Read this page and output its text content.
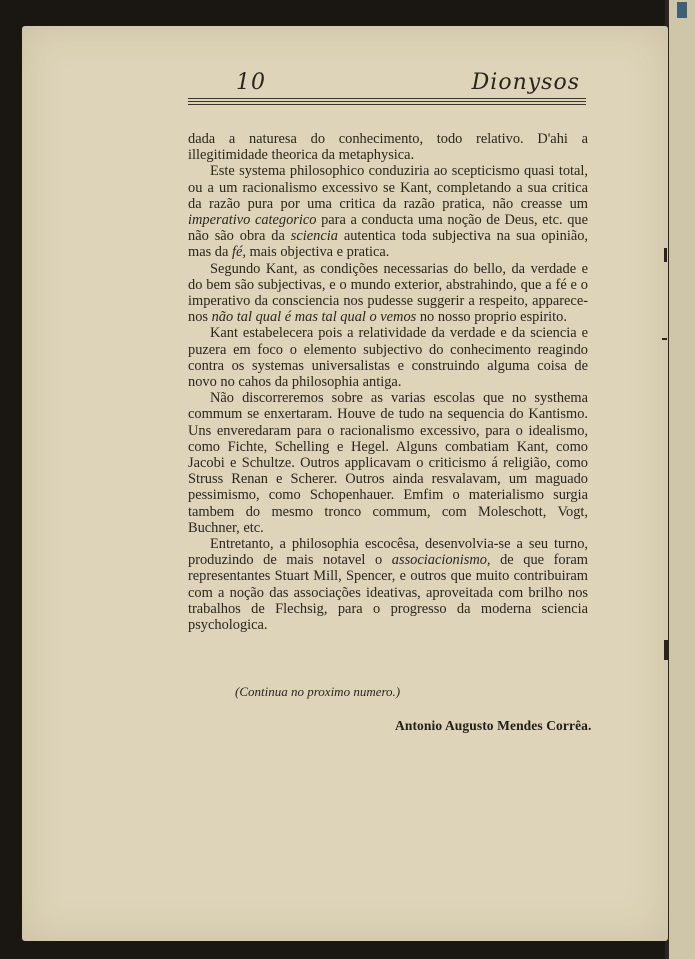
10	Dionysos

dada a naturesa do conhecimento, todo relativo. D'ahi a illegitimidade theorica da metaphysica.

Este systema philosophico conduziria ao scepticismo quasi total, ou a um racionalismo excessivo se Kant, completando a sua critica da razão pura por uma critica da razão pratica, não creasse um imperativo categorico para a conducta uma noção de Deus, etc. que não são obra da sciencia autentica toda subjectiva na sua opinião, mas da fé, mais objectiva e pratica.

Segundo Kant, as condições necessarias do bello, da verdade e do bem são subjectivas, e o mundo exterior, abstrahindo, que a fé e o imperativo da consciencia nos pudesse suggerir a respeito, apparece-nos não tal qual é mas tal qual o vemos no nosso proprio espirito.

Kant estabelecera pois a relatividade da verdade e da sciencia e puzera em foco o elemento subjectivo do conhecimento reagindo contra os systemas universalistas e construindo alguma coisa de novo no cahos da philosophia antiga.

Não discorreremos sobre as varias escolas que no systhema commum se enxertaram. Houve de tudo na sequencia do Kantismo. Uns enveredaram para o racionalismo excessivo, para o idealismo, como Fichte, Schelling e Hegel. Alguns combatiam Kant, como Jacobi e Schultze. Outros applicavam o criticismo á religião, como Struss Renan e Scherer. Outros ainda resvalavam, um maguado pessimismo, como Schopenhauer. Emfim o materialismo surgia tambem do mesmo tronco commum, com Moleschott, Vogt, Buchner, etc.

Entretanto, a philosophia escocêsa, desenvolvia-se a seu turno, produzindo de mais notavel o associacionismo, de que foram representantes Stuart Mill, Spencer, e outros que muito contribuiram com a noção das associações ideativas, aproveitada com brilho nos trabalhos de Flechsig, para o progresso da moderna sciencia psychologica.

(Continua no proximo numero.)
Antonio Augusto Mendes Corrêa.
